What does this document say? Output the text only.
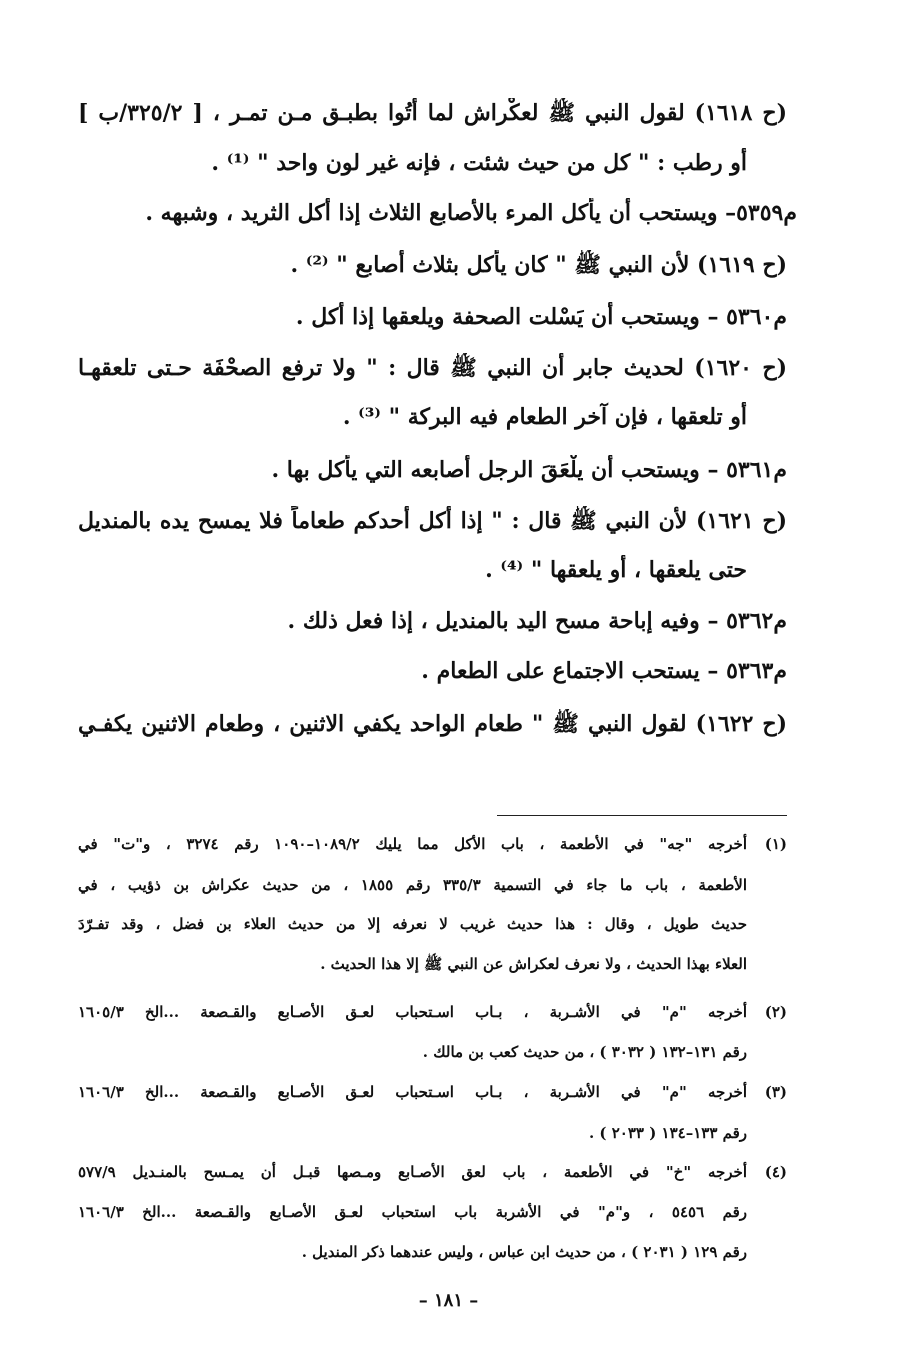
(ح ١٦١٨) لقول النبي ﷺ لعكْراش لما أُتُوا بطبـق مـن تمـر ، [ ٣٢٥/٢/ب ]
أو رطب : " كل من حيث شئت ، فإنه غير لون واحد " ⁽¹⁾ .
م٥٣٥٩– ويستحب أن يأكل المرء بالأصابع الثلاث إذا أكل الثريد ، وشبهه .
(ح ١٦١٩) لأن النبي ﷺ " كان يأكل بثلاث أصابع " ⁽²⁾ .
م٥٣٦٠ – ويستحب أن يَسْلت الصحفة ويلعقها إذا أكل .
(ح ١٦٢٠) لحديث جابر أن النبي ﷺ قال : " ولا ترفع الصحْفَة حـتى تلعقهـا
أو تلعقها ، فإن آخر الطعام فيه البركة " ⁽³⁾ .
م٥٣٦١ – ويستحب أن يلْعَقَ الرجل أصابعه التي يأكل بها .
(ح ١٦٢١) لأن النبي ﷺ قال : " إذا أكل أحدكم طعاماً فلا يمسح يده بالمنديل
حتى يلعقها ، أو يلعقها " ⁽⁴⁾ .
م٥٣٦٢ – وفيه إباحة مسح اليد بالمنديل ، إذا فعل ذلك .
م٥٣٦٣ – يستحب الاجتماع على الطعام .
(ح ١٦٢٢) لقول النبي ﷺ " طعام الواحد يكفي الاثنين ، وطعام الاثنين يكفـي
(١)
أخرجه "جه" في الأطعمة ، باب الأكل مما يليك ١٠٨٩/٢–١٠٩٠ رقم ٣٢٧٤ ، و"ت" في
الأطعمة ، باب ما جاء في التسمية ٣٣٥/٣ رقم ١٨٥٥ ، من حديث عكراش بن ذؤيب ، في
حديث طويل ، وقال : هذا حديث غريب لا نعرفه إلا من حديث العلاء بن فضل ، وقد تفـرّدَ
العلاء بهذا الحديث ، ولا نعرف لعكراش عن النبي ﷺ إلا هذا الحديث .
(٢)
أخرجه "م" في الأشـربة ، بـاب اسـتحباب لعـق الأصـابع والقـصعة ...الخ ١٦٠٥/٣
رقم ١٣١–١٣٢ ( ٣٠٣٢ ) ، من حديث كعب بن مالك .
(٣)
أخرجه "م" في الأشـربة ، بـاب اسـتحباب لعـق الأصـابع والقـصعة ...الخ ١٦٠٦/٣
رقم ١٣٣–١٣٤ ( ٢٠٣٣ ) .
(٤)
أخرجه "خ" في الأطعمة ، باب لعق الأصـابع ومـصها قبـل أن يمـسح بالمنـديل ٥٧٧/٩
رقم ٥٤٥٦ ، و"م" في الأشربة باب استحباب لعـق الأصـابع والقـصعة ...الخ ١٦٠٦/٣
رقم ١٢٩ ( ٢٠٣١ ) ، من حديث ابن عباس ، وليس عندهما ذكر المنديل .
– ١٨١ –
